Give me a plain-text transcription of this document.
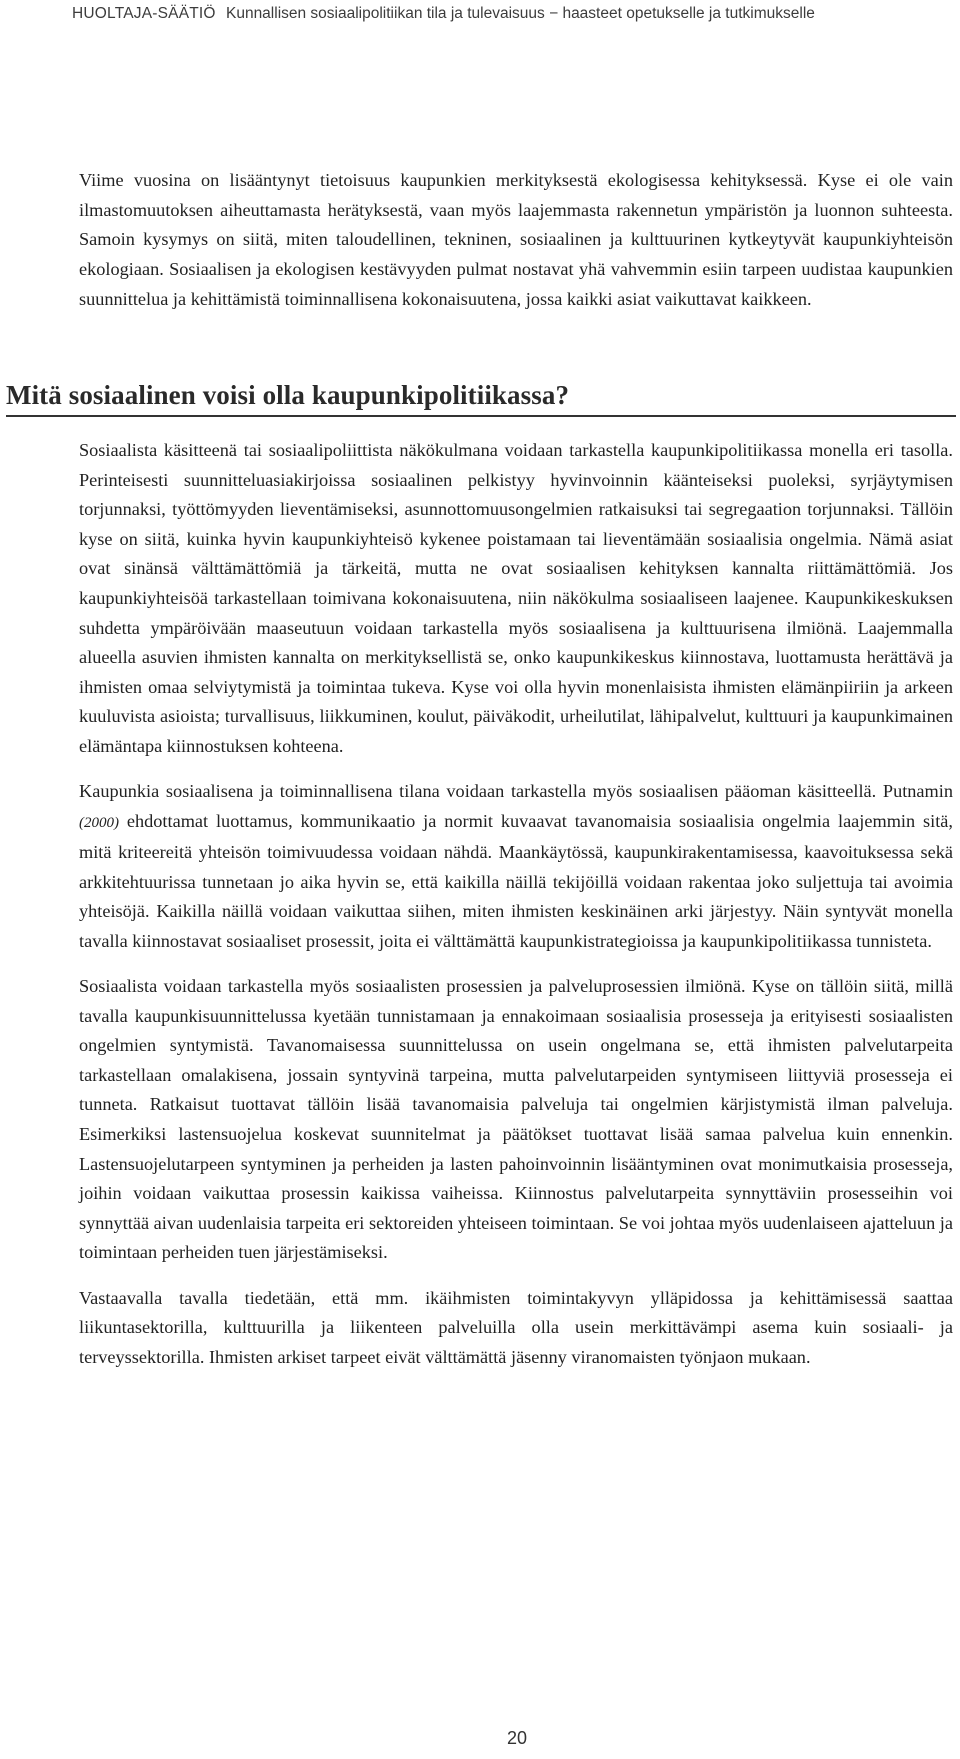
HUOLTAJA-SÄÄTIÖ Kunnallisen sosiaalipolitiikan tila ja tulevaisuus − haasteet opetukselle ja tutkimukselle

Viime vuosina on lisääntynyt tietoisuus kaupunkien merkityksestä ekologisessa kehityksessä. Kyse ei ole vain ilmastomuutoksen aiheuttamasta herätyksestä, vaan myös laajemmasta rakennetun ympäristön ja luonnon suhteesta. Samoin kysymys on siitä, miten taloudellinen, tekninen, sosiaalinen ja kulttuurinen kytkeytyvät kaupunkiyhteisön ekologiaan. Sosiaalisen ja ekologisen kestävyyden pulmat nostavat yhä vahvemmin esiin tarpeen uudistaa kaupunkien suunnittelua ja kehittämistä toiminnallisena kokonaisuutena, jossa kaikki asiat vaikuttavat kaikkeen.

Mitä sosiaalinen voisi olla kaupunkipolitiikassa?

Sosiaalista käsitteenä tai sosiaalipoliittista näkökulmana voidaan tarkastella kaupunkipolitiikassa monella eri tasolla. Perinteisesti suunnitteluasiakirjoissa sosiaalinen pelkistyy hyvinvoinnin käänteiseksi puoleksi, syrjäytymisen torjunnaksi, työttömyyden lieventämiseksi, asunnottomuusongelmien ratkaisuksi tai segregaation torjunnaksi. Tällöin kyse on siitä, kuinka hyvin kaupunkiyhteisö kykenee poistamaan tai lieventämään sosiaalisia ongelmia. Nämä asiat ovat sinänsä välttämättömiä ja tärkeitä, mutta ne ovat sosiaalisen kehityksen kannalta riittämättömiä. Jos kaupunkiyhteisöä tarkastellaan toimivana kokonaisuutena, niin näkökulma sosiaaliseen laajenee. Kaupunkikeskuksen suhdetta ympäröivään maaseutuun voidaan tarkastella myös sosiaalisena ja kulttuurisena ilmiönä. Laajemmalla alueella asuvien ihmisten kannalta on merkityksellistä se, onko kaupunkikeskus kiinnostava, luottamusta herättävä ja ihmisten omaa selviytymistä ja toimintaa tukeva. Kyse voi olla hyvin monenlaisista ihmisten elämänpiiriin ja arkeen kuuluvista asioista; turvallisuus, liikkuminen, koulut, päiväkodit, urheilutilat, lähipalvelut, kulttuuri ja kaupunkimainen elämäntapa kiinnostuksen kohteena.

Kaupunkia sosiaalisena ja toiminnallisena tilana voidaan tarkastella myös sosiaalisen pääoman käsitteellä. Putnamin (2000) ehdottamat luottamus, kommunikaatio ja normit kuvaavat tavanomaisia sosiaalisia ongelmia laajemmin sitä, mitä kriteereitä yhteisön toimivuudessa voidaan nähdä. Maankäytössä, kaupunkirakentamisessa, kaavoituksessa sekä arkkitehtuurissa tunnetaan jo aika hyvin se, että kaikilla näillä tekijöillä voidaan rakentaa joko suljettuja tai avoimia yhteisöjä. Kaikilla näillä voidaan vaikuttaa siihen, miten ihmisten keskinäinen arki järjestyy. Näin syntyvät monella tavalla kiinnostavat sosiaaliset prosessit, joita ei välttämättä kaupunkistrategioissa ja kaupunkipolitiikassa tunnisteta.

Sosiaalista voidaan tarkastella myös sosiaalisten prosessien ja palveluprosessien ilmiönä. Kyse on tällöin siitä, millä tavalla kaupunkisuunnittelussa kyetään tunnistamaan ja ennakoimaan sosiaalisia prosesseja ja erityisesti sosiaalisten ongelmien syntymistä. Tavanomaisessa suunnittelussa on usein ongelmana se, että ihmisten palvelutarpeita tarkastellaan omalakisena, jossain syntyvinä tarpeina, mutta palvelutarpeiden syntymiseen liittyviä prosesseja ei tunneta. Ratkaisut tuottavat tällöin lisää tavanomaisia palveluja tai ongelmien kärjistymistä ilman palveluja. Esimerkiksi lastensuojelua koskevat suunnitelmat ja päätökset tuottavat lisää samaa palvelua kuin ennenkin. Lastensuojelutarpeen syntyminen ja perheiden ja lasten pahoinvoinnin lisääntyminen ovat monimutkaisia prosesseja, joihin voidaan vaikuttaa prosessin kaikissa vaiheissa. Kiinnostus palvelutarpeita synnyttäviin prosesseihin voi synnyttää aivan uudenlaisia tarpeita eri sektoreiden yhteiseen toimintaan. Se voi johtaa myös uudenlaiseen ajatteluun ja toimintaan perheiden tuen järjestämiseksi.

Vastaavalla tavalla tiedetään, että mm. ikäihmisten toimintakyvyn ylläpidossa ja kehittämisessä saattaa liikuntasektorilla, kulttuurilla ja liikenteen palveluilla olla usein merkittävämpi asema kuin sosiaali- ja terveyssektorilla. Ihmisten arkiset tarpeet eivät välttämättä jäsenny viranomaisten työnjaon mukaan.

20
